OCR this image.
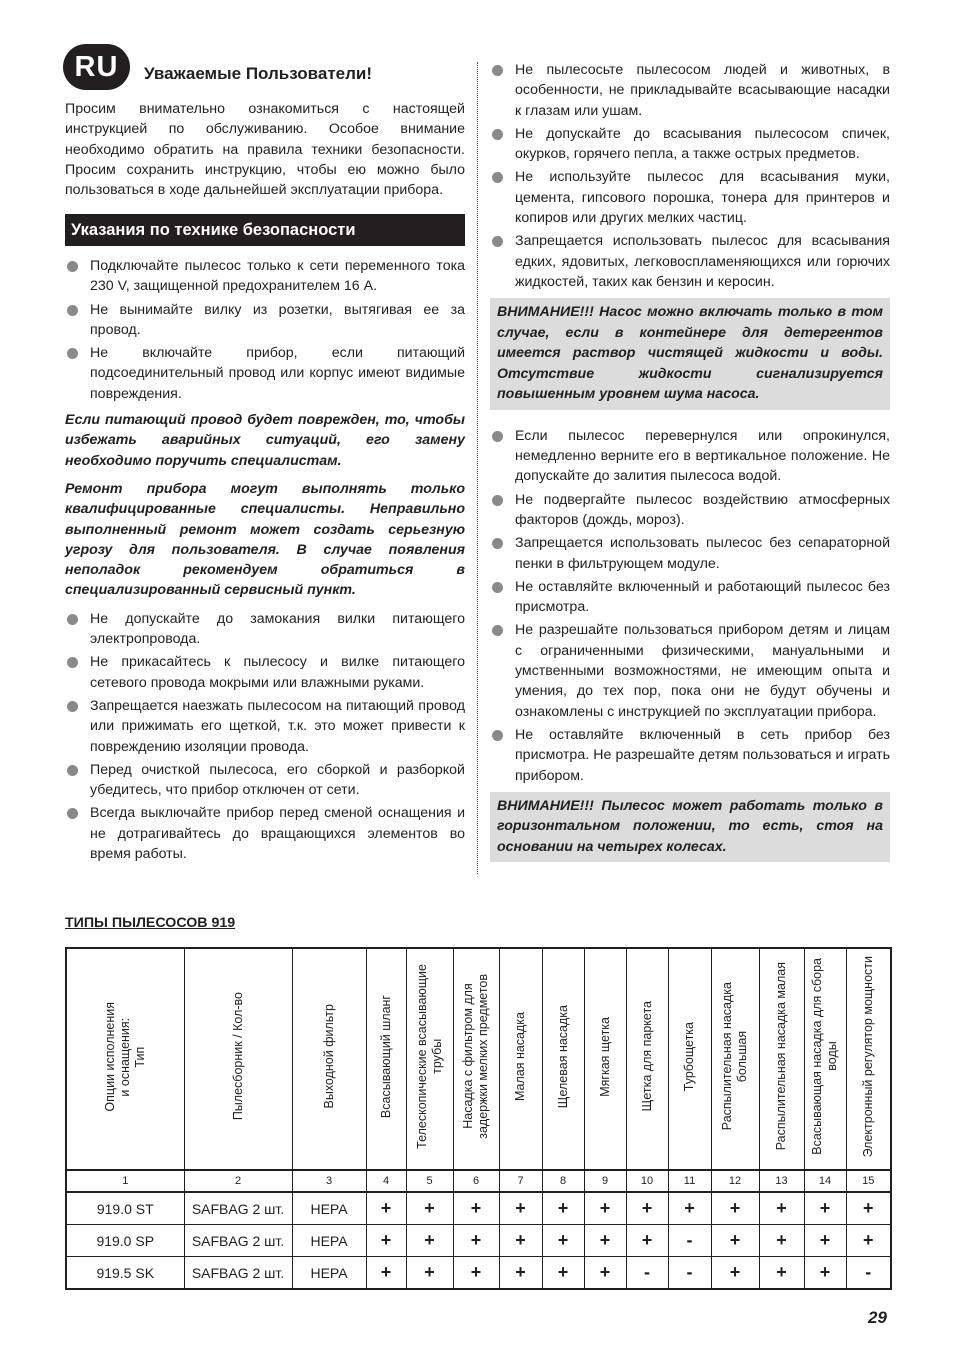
RU	Уважаемые Пользователи!

Просим внимательно ознакомиться с настоящей инструкцией по обслуживанию. Особое внимание необходимо обратить на правила техники безопасности. Просим сохранить инструкцию, чтобы ею можно было пользоваться в ходе дальнейшей эксплуатации прибора.

Указания по технике безопасности
Подключайте пылесос только к сети переменного тока 230 V, защищенной предохранителем 16 A.
Не вынимайте вилку из розетки, вытягивая ее за провод.
Не включайте прибор, если питающий подсоединительный провод или корпус имеют видимые повреждения.

Если питающий провод будет поврежден, то, чтобы избежать аварийных ситуаций, его замену необходимо поручить специалистам.

Ремонт прибора могут выполнять только квалифицированные специалисты. Неправильно выполненный ремонт может создать серьезную угрозу для пользователя. В случае появления неполадок рекомендуем обратиться в специализированный сервисный пункт.

Не допускайте до замокания вилки питающего электропровода.
Не прикасайтесь к пылесосу и вилке питающего сетевого провода мокрыми или влажными руками.
Запрещается наезжать пылесосом на питающий провод или прижимать его щеткой, т.к. это может привести к повреждению изоляции провода.
Перед очисткой пылесоса, его сборкой и разборкой убедитесь, что прибор отключен от сети.
Всегда выключайте прибор перед сменой оснащения и не дотрагивайтесь до вращающихся элементов во время работы.
Не пылесосьте пылесосом людей и животных, в особенности, не прикладывайте всасывающие насадки к глазам или ушам.
Не допускайте до всасывания пылесосом спичек, окурков, горячего пепла, а также острых предметов.
Не используйте пылесос для всасывания муки, цемента, гипсового порошка, тонера для принтеров и копиров или других мелких частиц.
Запрещается использовать пылесос для всасывания едких, ядовитых, легковоспламеняющихся или горючих жидкостей, таких как бензин и керосин.
ВНИМАНИЕ!!! Насос можно включать только в том случае, если в контейнере для детергентов имеется раствор чистящей жидкости и воды. Отсутствие жидкости сигнализируется повышенным уровнем шума насоса.
Если пылесос перевернулся или опрокинулся, немедленно верните его в вертикальное положение. Не допускайте до залития пылесоса водой.
Не подвергайте пылесос воздействию атмосферных факторов (дождь, мороз).
Запрещается использовать пылесос без сепараторной пенки в фильтрующем модуле.
Не оставляйте включенный и работающий пылесос без присмотра.
Не разрешайте пользоваться прибором детям и лицам с ограниченными физическими, мануальными и умственными возможностями, не имеющим опыта и умения, до тех пор, пока они не будут обучены и ознакомлены с инструкцией по эксплуатации прибора.
Не оставляйте включенный в сеть прибор без присмотра. Не разрешайте детям пользоваться и играть прибором.
ВНИМАНИЕ!!! Пылесос может работать только в горизонтальном положении, то есть, стоя на основании на четырех колесах.
ТИПЫ ПЫЛЕСОСОВ 919
Опции исполнения
и оснащения:
Тип	Пылесборник / Кол-во	Выходной фильтр	Всасывающий шланг	Телескопические всасывающие
трубы	Насадка с фильтром для
задержки мелких предметов	Малая насадка	Щелевая насадка	Мягкая щетка	Щетка для паркета	Турбощетка	Распылительная насадка
большая	Распылительная насадка малая	Всасывающая насадка для сбора
воды	Электронный регулятор мощности
1	2	3	4	5	6	7	8	9	10	11	12	13	14	15
919.0 ST	SAFBAG 2 шт.	HEPA	+	+	+	+	+	+	+	+	+	+	+	+
919.0 SP	SAFBAG 2 шт.	HEPA	+	+	+	+	+	+	+	-	+	+	+	+
919.5 SK	SAFBAG 2 шт.	HEPA	+	+	+	+	+	+	-	-	+	+	+	-
29
